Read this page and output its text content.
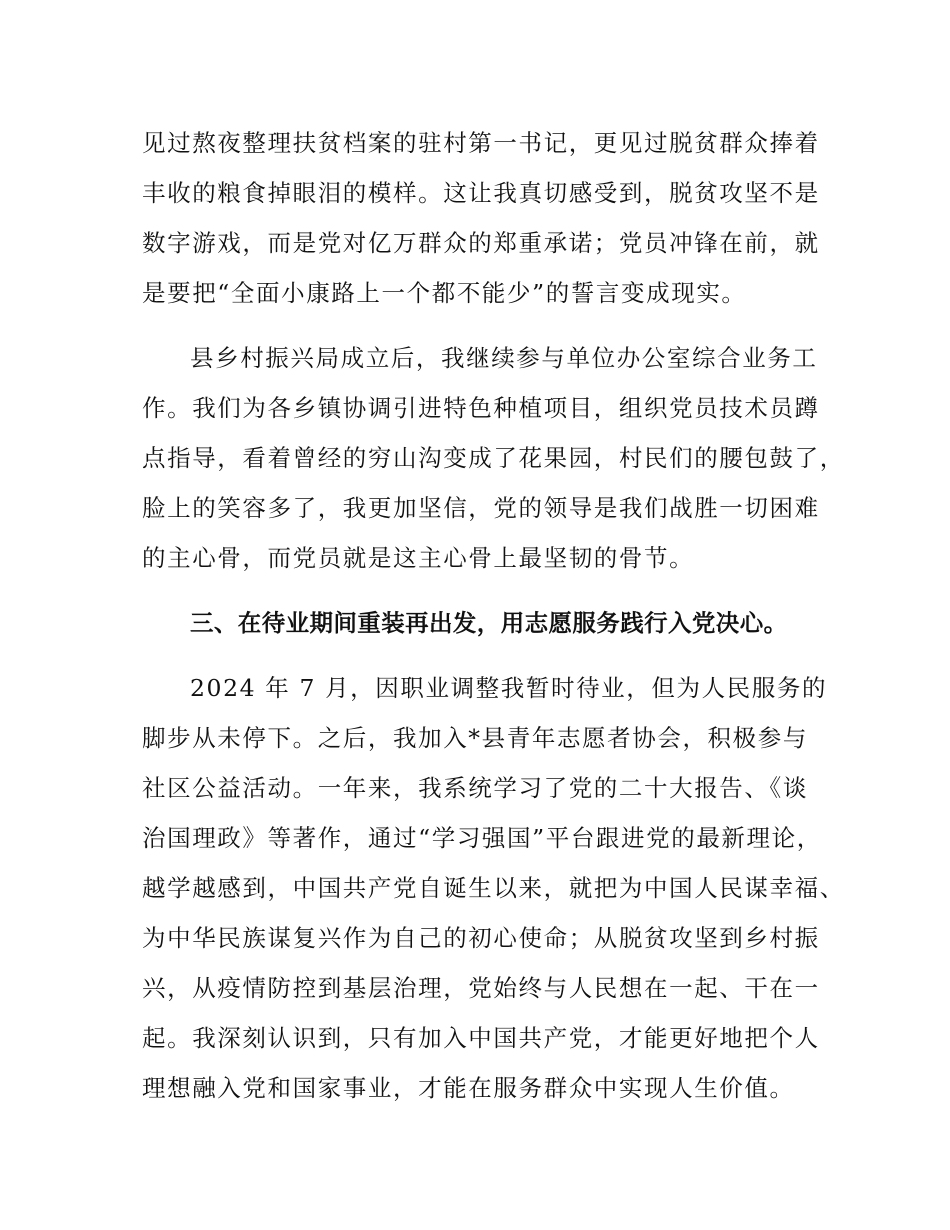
见过熬夜整理扶贫档案的驻村第一书记，更见过脱贫群众捧着
丰收的粮食掉眼泪的模样。这让我真切感受到，脱贫攻坚不是
数字游戏，而是党对亿万群众的郑重承诺；党员冲锋在前，就
是要把“全面小康路上一个都不能少”的誓言变成现实。
县乡村振兴局成立后，我继续参与单位办公室综合业务工
作。我们为各乡镇协调引进特色种植项目，组织党员技术员蹲
点指导，看着曾经的穷山沟变成了花果园，村民们的腰包鼓了，
脸上的笑容多了，我更加坚信，党的领导是我们战胜一切困难
的主心骨，而党员就是这主心骨上最坚韧的骨节。
三、在待业期间重装再出发，用志愿服务践行入党决心。
2024 年 7 月，因职业调整我暂时待业，但为人民服务的
脚步从未停下。之后，我加入*县青年志愿者协会，积极参与
社区公益活动。一年来，我系统学习了党的二十大报告、《谈
治国理政》等著作，通过“学习强国”平台跟进党的最新理论，
越学越感到，中国共产党自诞生以来，就把为中国人民谋幸福、
为中华民族谋复兴作为自己的初心使命；从脱贫攻坚到乡村振
兴，从疫情防控到基层治理，党始终与人民想在一起、干在一
起。我深刻认识到，只有加入中国共产党，才能更好地把个人
理想融入党和国家事业，才能在服务群众中实现人生价值。
